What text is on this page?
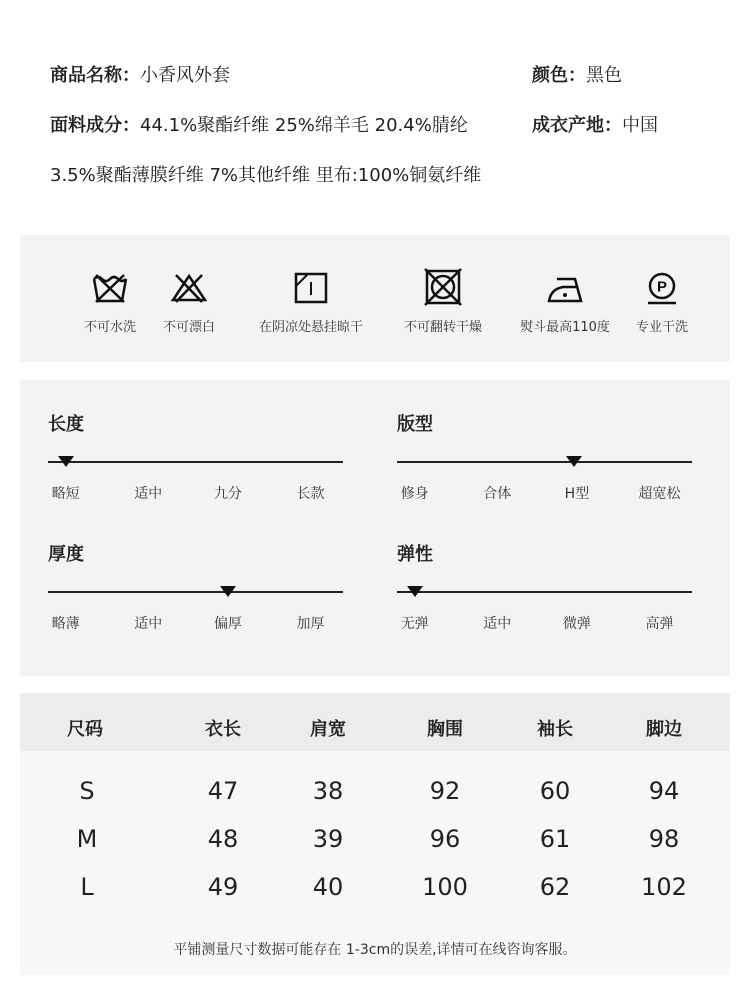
商品名称：小香风外套	颜色：黑色
面料成分：44.1%聚酯纤维 25%绵羊毛 20.4%腈纶	成衣产地：中国
3.5%聚酯薄膜纤维 7%其他纤维 里布:100%铜氨纤维
不可水洗	不可漂白	在阴凉处悬挂晾干	不可翻转干燥	熨斗最高110度
P
专业干洗
长度
略短	适中	九分	长款
版型
修身	合体	H型	超宽松
厚度
略薄	适中	偏厚	加厚
弹性
无弹	适中	微弹	高弹
尺码	衣长	肩宽	胸围	袖长	脚边
S	47	38	92	60	94
M	48	39	96	61	98
L	49	40	100	62	102
平铺测量尺寸数据可能存在 1-3cm的误差,详情可在线咨询客服。
